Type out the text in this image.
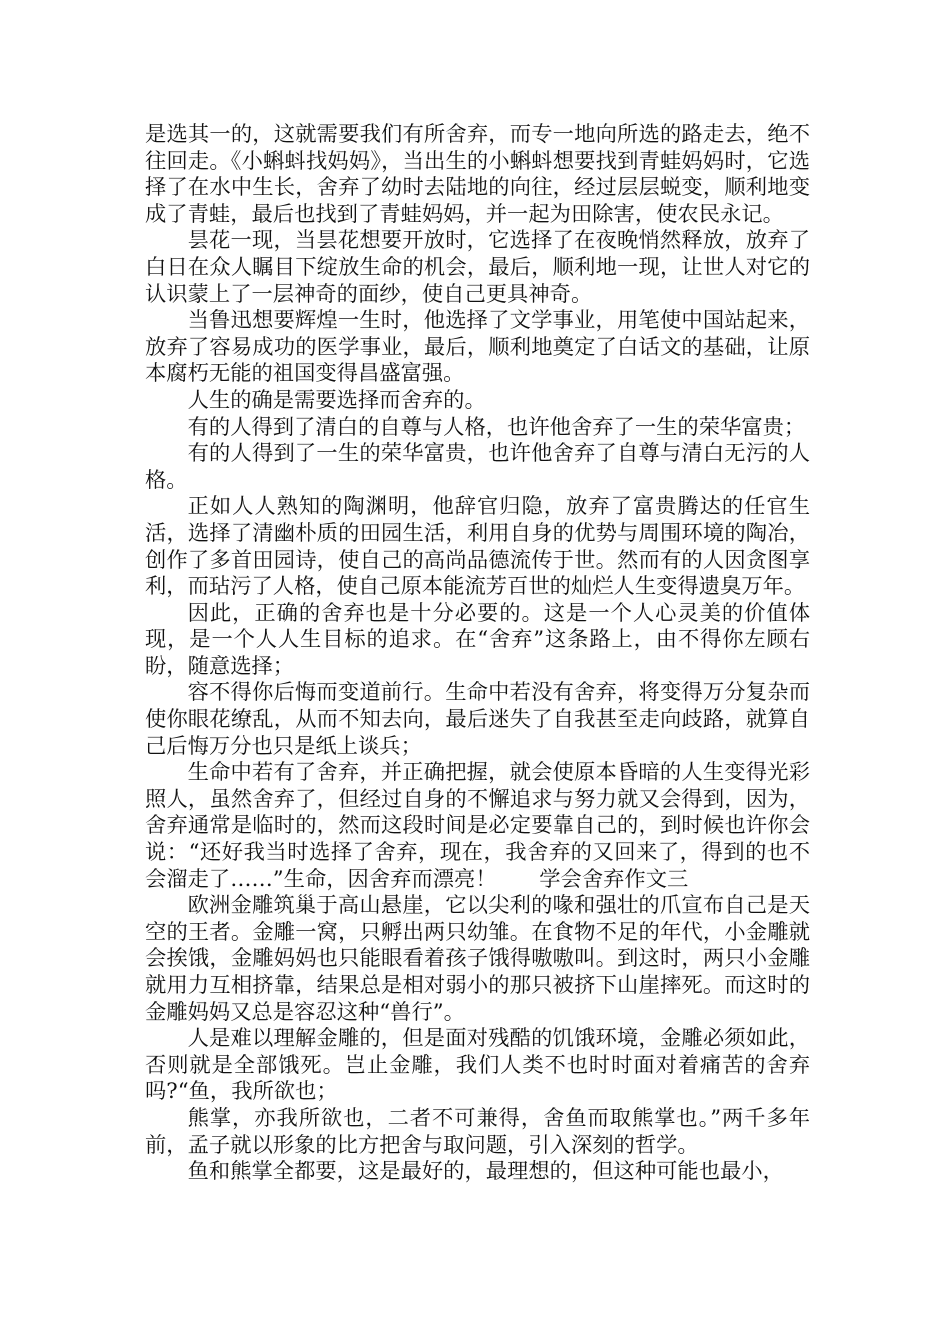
是选其一的，这就需要我们有所舍弃，而专一地向所选的路走去，绝不往回走。《小蝌蚪找妈妈》，当出生的小蝌蚪想要找到青蛙妈妈时，它选择了在水中生长，舍弃了幼时去陆地的向往，经过层层蜕变，顺利地变成了青蛙，最后也找到了青蛙妈妈，并一起为田除害，使农民永记。

昙花一现，当昙花想要开放时，它选择了在夜晚悄然释放，放弃了白日在众人瞩目下绽放生命的机会，最后，顺利地一现，让世人对它的认识蒙上了一层神奇的面纱，使自己更具神奇。

当鲁迅想要辉煌一生时，他选择了文学事业，用笔使中国站起来，放弃了容易成功的医学事业，最后，顺利地奠定了白话文的基础，让原本腐朽无能的祖国变得昌盛富强。

人生的确是需要选择而舍弃的。

有的人得到了清白的自尊与人格，也许他舍弃了一生的荣华富贵；

有的人得到了一生的荣华富贵，也许他舍弃了自尊与清白无污的人格。

正如人人熟知的陶渊明，他辞官归隐，放弃了富贵腾达的任官生活，选择了清幽朴质的田园生活，利用自身的优势与周围环境的陶冶，创作了多首田园诗，使自己的高尚品德流传于世。然而有的人因贪图享利，而玷污了人格，使自己原本能流芳百世的灿烂人生变得遗臭万年。

因此，正确的舍弃也是十分必要的。这是一个人心灵美的价值体现，是一个人人生目标的追求。在“舍弃”这条路上，由不得你左顾右盼，随意选择；

容不得你后悔而变道前行。生命中若没有舍弃，将变得万分复杂而使你眼花缭乱，从而不知去向，最后迷失了自我甚至走向歧路，就算自己后悔万分也只是纸上谈兵；

生命中若有了舍弃，并正确把握，就会使原本昏暗的人生变得光彩照人，虽然舍弃了，但经过自身的不懈追求与努力就又会得到，因为，舍弃通常是临时的，然而这段时间是必定要靠自己的，到时候也许你会说：“还好我当时选择了舍弃，现在，我舍弃的又回来了，得到的也不会溜走了……”生命，因舍弃而漂亮！　　学会舍弃作文三

欧洲金雕筑巢于高山悬崖，它以尖利的喙和强壮的爪宣布自己是天空的王者。金雕一窝，只孵出两只幼雏。在食物不足的年代，小金雕就会挨饿，金雕妈妈也只能眼看着孩子饿得嗷嗷叫。到这时，两只小金雕就用力互相挤靠，结果总是相对弱小的那只被挤下山崖摔死。而这时的金雕妈妈又总是容忍这种“兽行”。

人是难以理解金雕的，但是面对残酷的饥饿环境，金雕必须如此，否则就是全部饿死。岂止金雕，我们人类不也时时面对着痛苦的舍弃吗?“鱼，我所欲也；

熊掌，亦我所欲也，二者不可兼得，舍鱼而取熊掌也。”两千多年前，孟子就以形象的比方把舍与取问题，引入深刻的哲学。

鱼和熊掌全都要，这是最好的，最理想的，但这种可能也最小，
